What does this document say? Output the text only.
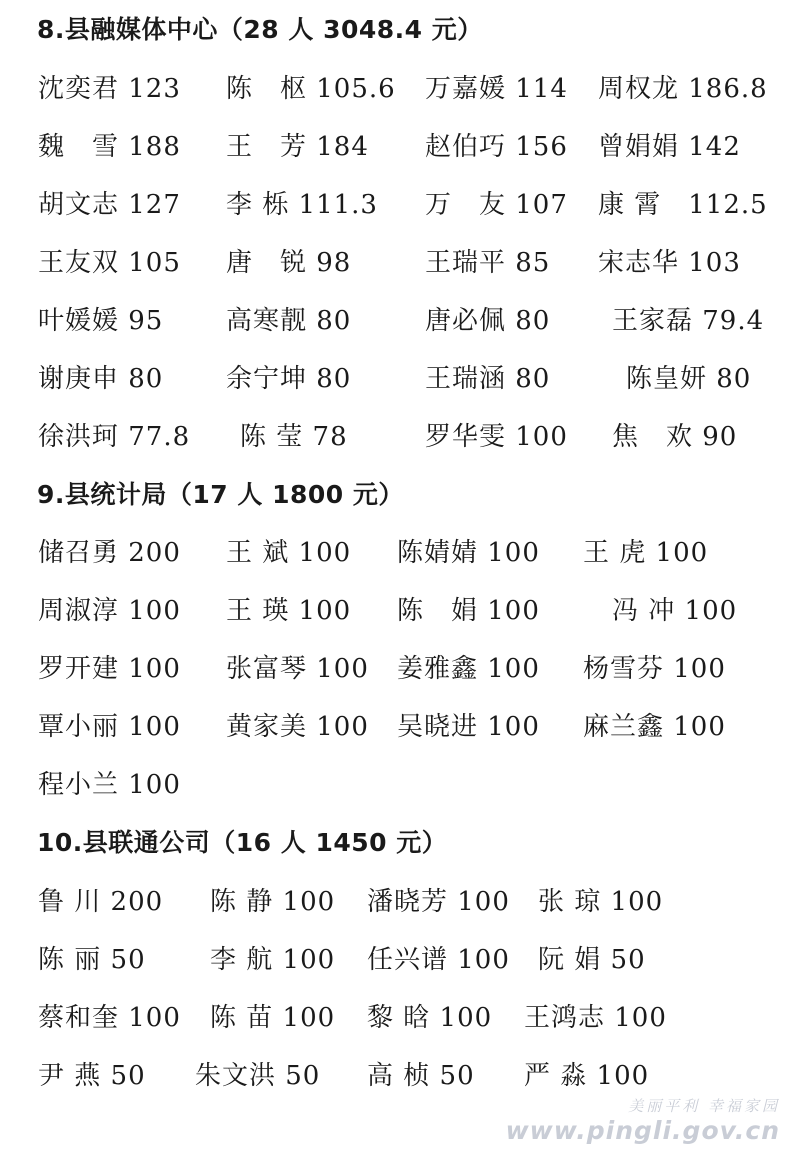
8.县融媒体中心（28 人 3048.4 元）
沈奕君 123 陈　枢 105.6 万嘉媛 114 周权龙 186.8
魏　雪 188 王　芳 184 赵伯巧 156 曾娟娟 142
胡文志 127 李 栎 111.3 万　友 107 康 霄　112.5
王友双 105 唐　锐 98	王瑞平 85 宋志华 103
叶媛媛 95 高寒靓 80	唐必佩 80 王家磊 79.4
谢庚申 80 余宁坤 80	王瑞涵 80	陈皇妍 80
徐洪珂 77.8 陈 莹 78	罗华雯 100 焦　欢 90
9.县统计局（17 人 1800 元）
储召勇 200 王 斌 100 陈婧婧 100 王 虎 100
周淑淳 100 王 瑛 100 陈　娟 100	冯 冲 100
罗开建 100 张富琴 100 姜雅鑫 100 杨雪芬 100
覃小丽 100 黄家美 100 吴晓进 100 麻兰鑫 100
程小兰 100
10.县联通公司（16 人 1450 元）
鲁 川 200 陈 静 100 潘晓芳 100 张 琼 100
陈 丽 50 李 航 100 任兴谱 100 阮 娟 50
蔡和奎 100 陈 苗 100 黎 晗 100 王鸿志 100
尹 燕 50 朱文洪 50 高 桢 50 严 淼 100
美丽平利 幸福家园
www.pingli.gov.cn
